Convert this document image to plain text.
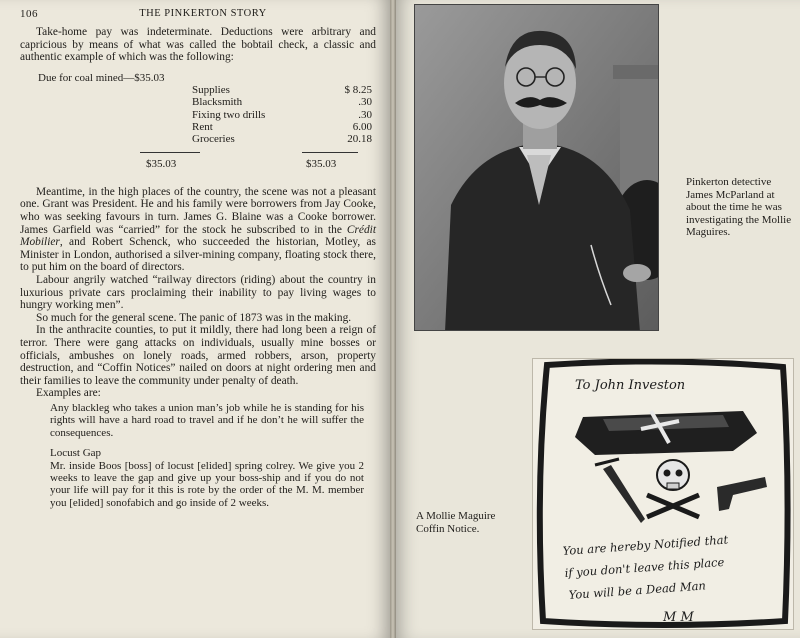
106	THE PINKERTON STORY

Take-home pay was indeterminate. Deductions were arbitrary and capricious by means of what was called the bobtail check, a classic and authentic example of which was the following:

Due for coal mined—$35.03
Supplies	$ 8.25
Blacksmith	.30
Fixing two drills	.30
Rent	6.00
Groceries	20.18
$35.03	$35.03

Meantime, in the high places of the country, the scene was not a pleasant one. Grant was President. He and his family were borrowers from Jay Cooke, who was seeking favours in turn. James G. Blaine was a Cooke borrower. James Garfield was “carried” for the stock he subscribed to in the Crédit Mobilier, and Robert Schenck, who succeeded the historian, Motley, as Minister in London, authorised a silver-mining company, floating stock there, to put him on the board of directors.

Labour angrily watched “railway directors (riding) about the country in luxurious private cars proclaiming their inability to pay living wages to hungry working men”.

So much for the general scene. The panic of 1873 was in the making.

In the anthracite counties, to put it mildly, there had long been a reign of terror. There were gang attacks on individuals, usually mine bosses or officials, ambushes on lonely roads, armed robbers, arson, property destruction, and “Coffin Notices” nailed on doors at night ordering men and their families to leave the community under penalty of death.

Examples are:

Any blackleg who takes a union man’s job while he is standing for his rights will have a hard road to travel and if he don’t he will suffer the consequences.

Locust Gap

Mr. inside Boos [boss] of locust [elided] spring colrey. We give you 2 weeks to leave the gap and give up your boss-ship and if you do not your life will pay for it this is rote by the order of the M. M. member you [elided] sonofabich and go inside of 2 weeks.

Pinkerton detective James McParland at about the time he was investigating the Mollie Maguires.
A Mollie Maguire Coffin Notice.
To John Investon
You are hereby Notified that
if you don't leave this place
You will be a Dead Man
M M
